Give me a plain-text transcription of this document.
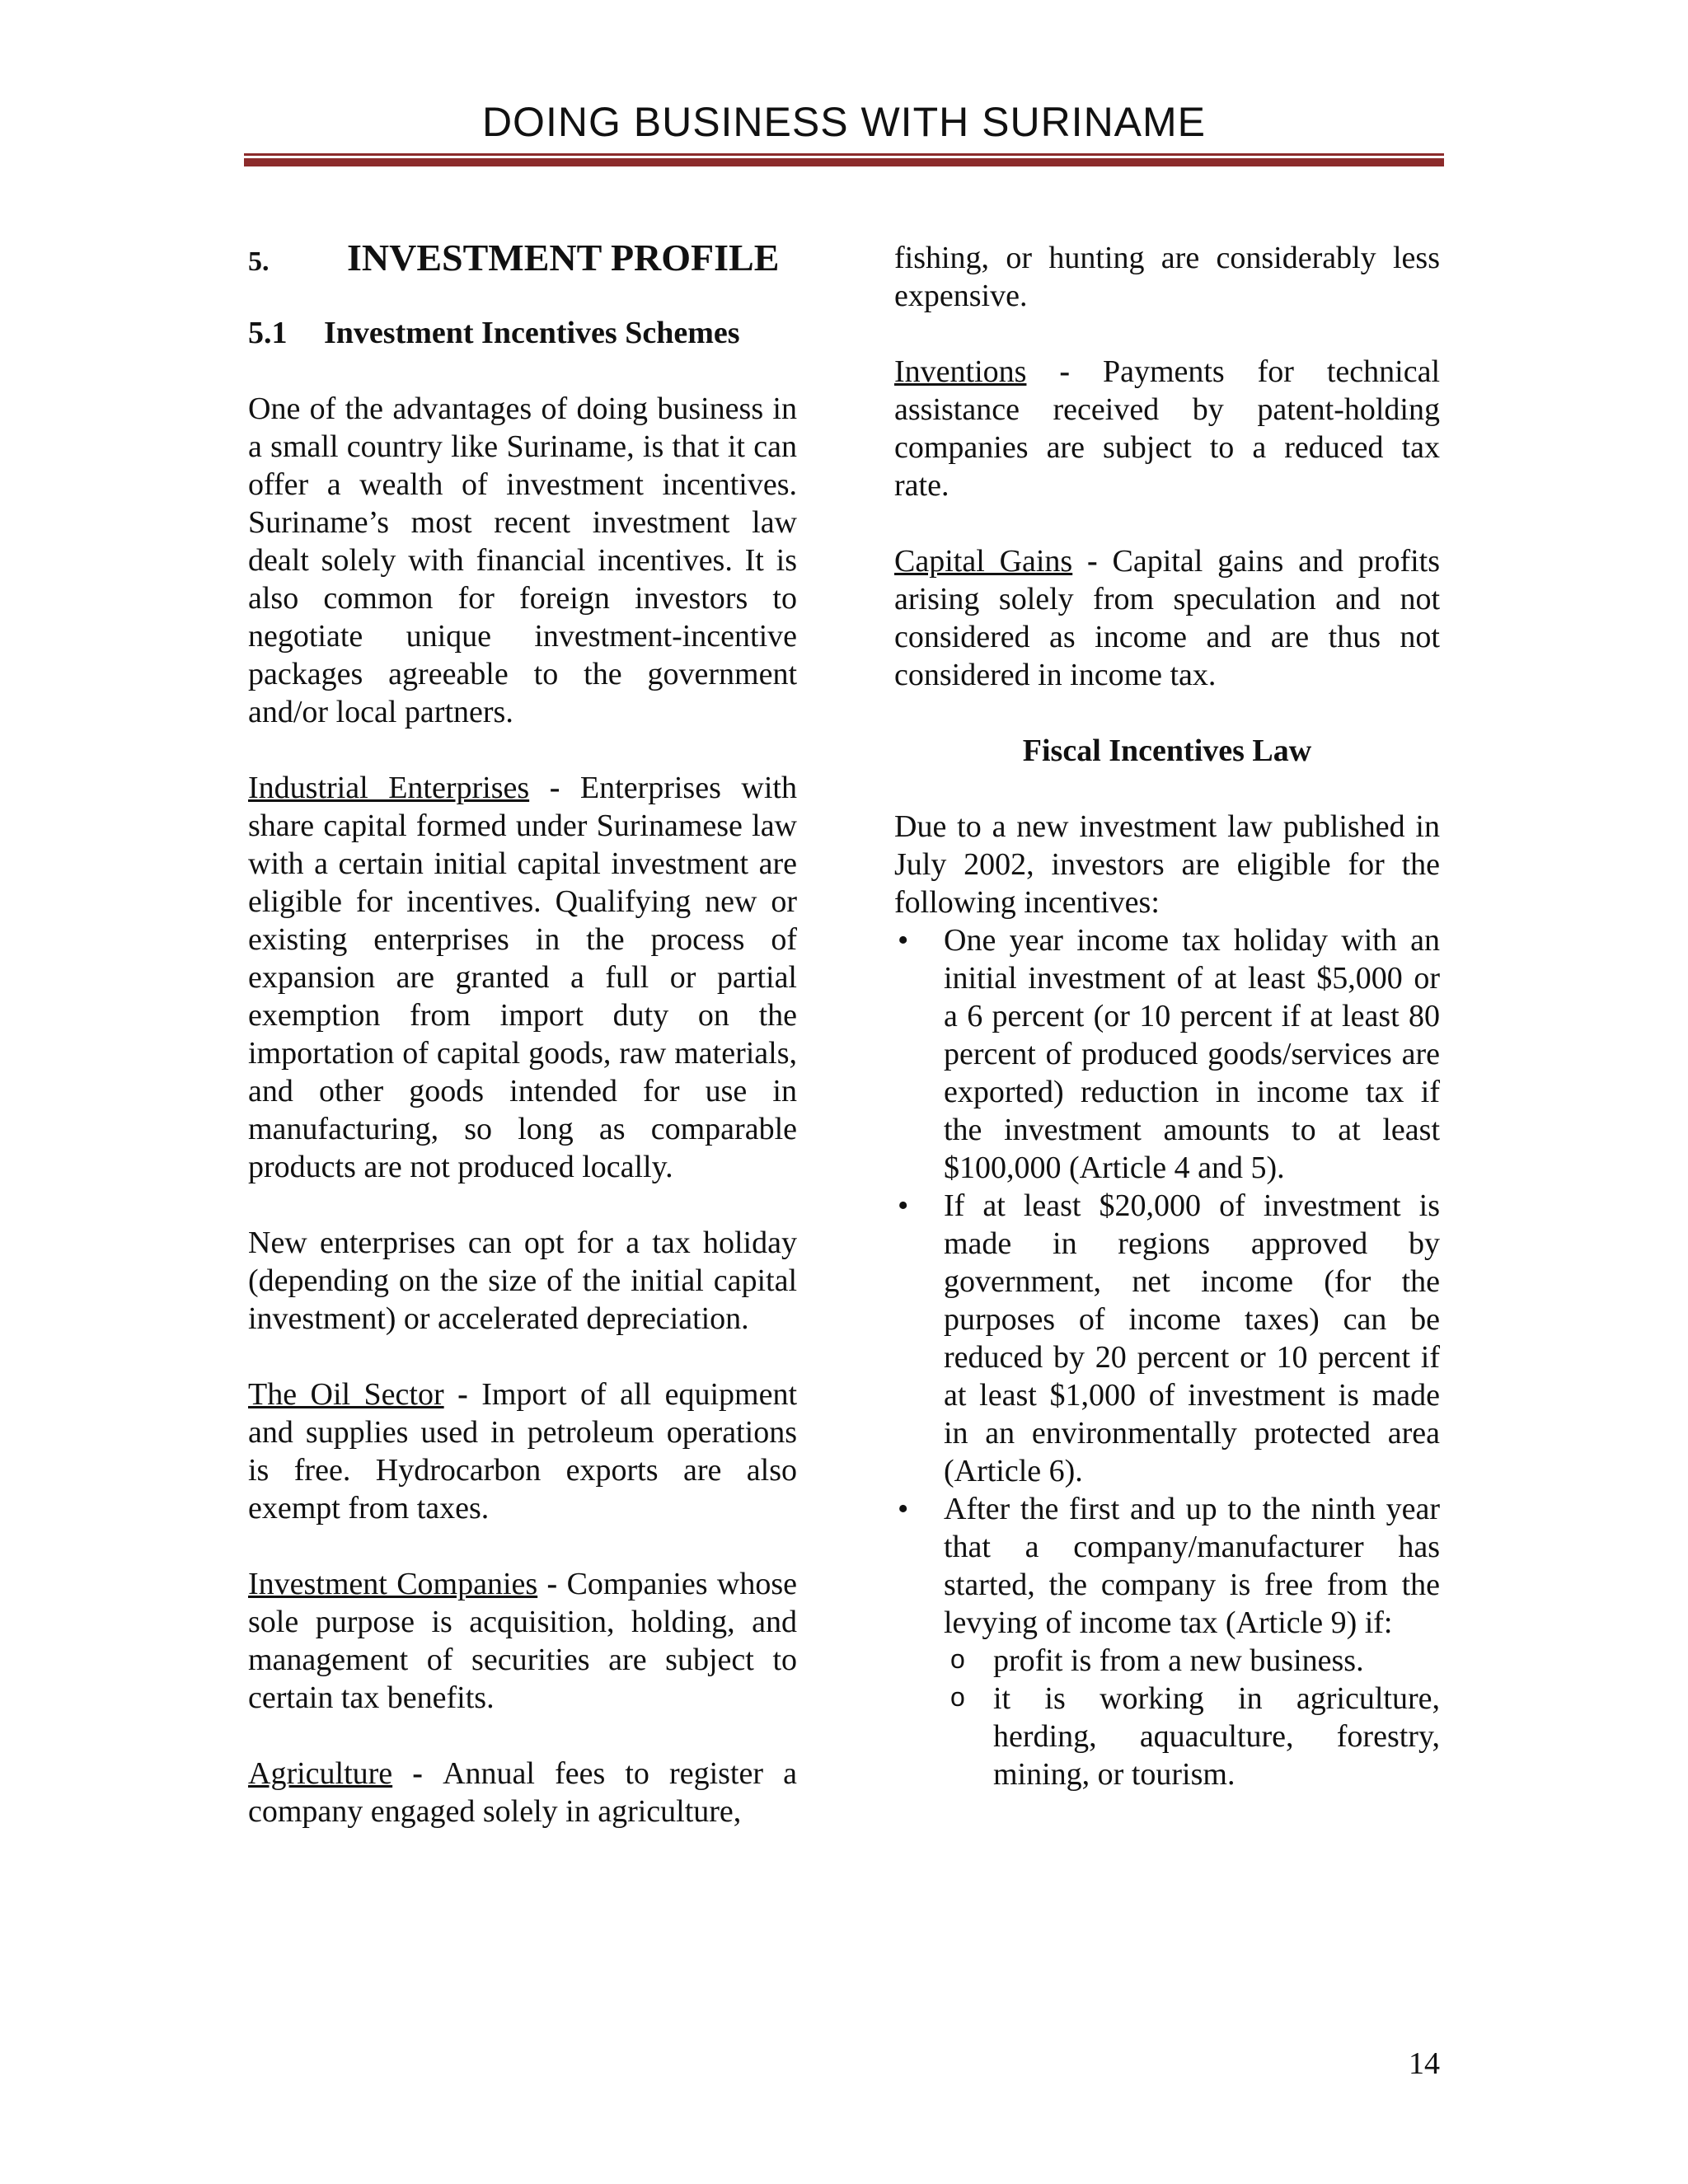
DOING BUSINESS WITH SURINAME
5.	INVESTMENT PROFILE
5.1	Investment Incentives Schemes

One of the advantages of doing business in a small country like Suriname, is that it can offer a wealth of investment incentives. Suriname’s most recent investment law dealt solely with financial incentives. It is also common for foreign investors to negotiate unique investment-incentive packages agreeable to the government and/or local partners.

Industrial Enterprises - Enterprises with share capital formed under Surinamese law with a certain initial capital investment are eligible for incentives. Qualifying new or existing enterprises in the process of expansion are granted a full or partial exemption from import duty on the importation of capital goods, raw materials, and other goods intended for use in manufacturing, so long as comparable products are not produced locally.

New enterprises can opt for a tax holiday (depending on the size of the initial capital investment) or accelerated depreciation.

The Oil Sector - Import of all equipment and supplies used in petroleum operations is free. Hydrocarbon exports are also exempt from taxes.

Investment Companies - Companies whose sole purpose is acquisition, holding, and management of securities are subject to certain tax benefits.

Agriculture - Annual fees to register a company engaged solely in agriculture,

fishing, or hunting are considerably less expensive.

Inventions - Payments for technical assistance received by patent-holding companies are subject to a reduced tax rate.

Capital Gains - Capital gains and profits arising solely from speculation and not considered as income and are thus not considered in income tax.

Fiscal Incentives Law

Due to a new investment law published in July 2002, investors are eligible for the following incentives:

• One year income tax holiday with an initial investment of at least $5,000 or a 6 percent (or 10 percent if at least 80 percent of produced goods/services are exported) reduction in income tax if the investment amounts to at least $100,000 (Article 4 and 5).
• If at least $20,000 of investment is made in regions approved by government, net income (for the purposes of income taxes) can be reduced by 20 percent or 10 percent if at least $1,000 of investment is made in an environmentally protected area (Article 6).
• After the first and up to the ninth year that a company/manufacturer has started, the company is free from the levying of income tax (Article 9) if:
o profit is from a new business.
o it is working in agriculture, herding, aquaculture, forestry, mining, or tourism.
14
